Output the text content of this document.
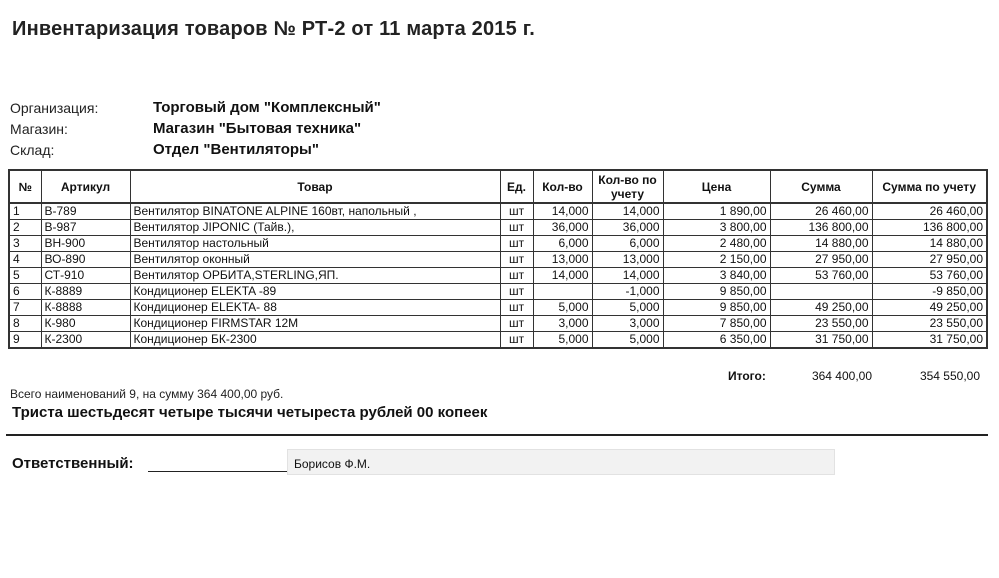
Инвентаризация товаров № РТ-2 от 11 марта 2015 г.
Организация:	Торговый дом "Комплексный"
Магазин:	Магазин "Бытовая техника"
Склад:	Отдел "Вентиляторы"
№	Артикул	Товар	Ед.	Кол-во	Кол-во по учету	Цена	Сумма	Сумма по учету
1	В-789	Вентилятор BINATONE ALPINE 160вт, напольный ,	шт	14,000	14,000	1 890,00	26 460,00	26 460,00
2	В-987	Вентилятор JIPONIC (Тайв.),	шт	36,000	36,000	3 800,00	136 800,00	136 800,00
3	ВН-900	Вентилятор настольный	шт	6,000	6,000	2 480,00	14 880,00	14 880,00
4	ВО-890	Вентилятор оконный	шт	13,000	13,000	2 150,00	27 950,00	27 950,00
5	СТ-910	Вентилятор ОРБИТА,STERLING,ЯП.	шт	14,000	14,000	3 840,00	53 760,00	53 760,00
6	К-8889	Кондиционер ELEKTA -89	шт		-1,000	9 850,00		-9 850,00
7	К-8888	Кондиционер ELEKTA- 88	шт	5,000	5,000	9 850,00	49 250,00	49 250,00
8	К-980	Кондиционер FIRMSTAR 12M	шт	3,000	3,000	7 850,00	23 550,00	23 550,00
9	К-2300	Кондиционер БК-2300	шт	5,000	5,000	6 350,00	31 750,00	31 750,00
Итого:	364 400,00	354 550,00
Всего наименований 9, на сумму 364 400,00 руб.
Триста шестьдесят четыре тысячи четыреста рублей 00 копеек
Ответственный:	Борисов Ф.М.
